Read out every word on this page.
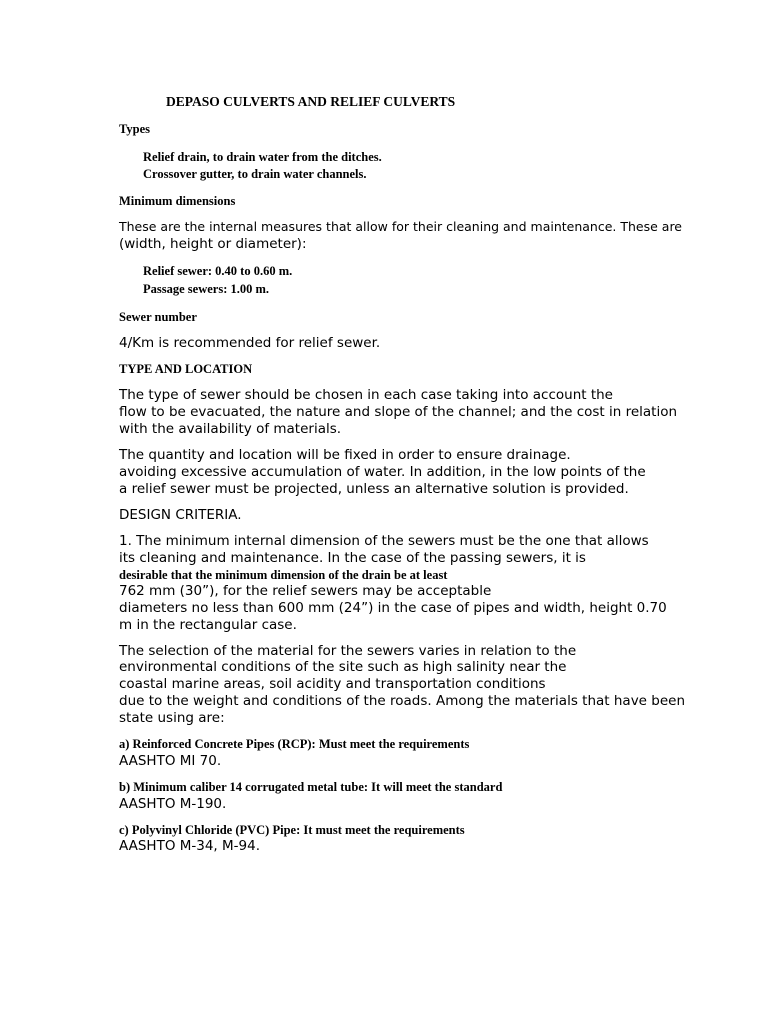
DEPASO CULVERTS AND RELIEF CULVERTS
Types
Relief drain, to drain water from the ditches.
Crossover gutter, to drain water channels.
Minimum dimensions
These are the internal measures that allow for their cleaning and maintenance. These are
(width, height or diameter):
Relief sewer: 0.40 to 0.60 m.
Passage sewers: 1.00 m.
Sewer number
4/Km is recommended for relief sewer.
TYPE AND LOCATION
The type of sewer should be chosen in each case taking into account the
flow to be evacuated, the nature and slope of the channel; and the cost in relation
with the availability of materials.
The quantity and location will be fixed in order to ensure drainage.
avoiding excessive accumulation of water. In addition, in the low points of the
a relief sewer must be projected, unless an alternative solution is provided.
DESIGN CRITERIA.
1. The minimum internal dimension of the sewers must be the one that allows
its cleaning and maintenance. In the case of the passing sewers, it is
desirable that the minimum dimension of the drain be at least
762 mm (30”), for the relief sewers may be acceptable
diameters no less than 600 mm (24”) in the case of pipes and width, height 0.70
m in the rectangular case.
The selection of the material for the sewers varies in relation to the
environmental conditions of the site such as high salinity near the
coastal marine areas, soil acidity and transportation conditions
due to the weight and conditions of the roads. Among the materials that have been
state using are:
a) Reinforced Concrete Pipes (RCP): Must meet the requirements
AASHTO MI 70.
b) Minimum caliber 14 corrugated metal tube: It will meet the standard
AASHTO M-190.
c) Polyvinyl Chloride (PVC) Pipe: It must meet the requirements
AASHTO M-34, M-94.
